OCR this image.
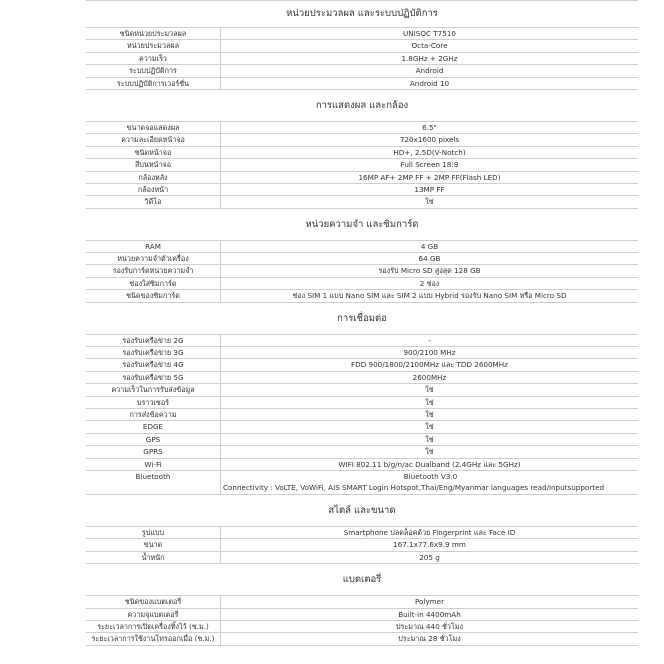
หน่วยประมวลผล และระบบปฏิบัติการ
ชนิดหน่วยประมวลผล	UNISOC T7510
หน่วยประมวลผล	Octa-Core
ความเร็ว	1.8GHz + 2GHz
ระบบปฏิบัติการ	Android
ระบบปฏิบัติการเวอร์ชั่น	Android 10
การแสดงผล และกล้อง
ขนาดจอแสดงผล	6.5"
ความละเอียดหน้าจอ	720x1600 pixels
ชนิดหน้าจอ	HD+, 2.5D(V-Notch)
สีบนหน้าจอ	Full Screen 18:9
กล้องหลัง	16MP AF+ 2MP FF + 2MP FF(Flash LED)
กล้องหน้า	13MP FF
วิดีโอ	ใช่
หน่วยความจำ และซิมการ์ด
RAM	4 GB
หน่วยความจำตัวเครื่อง	64 GB
รองรับการ์ดหน่วยความจำ	รองรับ Micro SD สูงสุด 128 GB
ช่องใส่ซิมการ์ด	2 ช่อง
ชนิดของซิมการ์ด	ช่อง SIM 1 แบบ Nano SIM และ SIM 2 แบบ Hybrid รองรับ Nano SIM หรือ Micro SD
การเชื่อมต่อ
รองรับเครือข่าย 2G	-
รองรับเครือข่าย 3G	900/2100 MHz
รองรับเครือข่าย 4G	FDD 900/1800/2100MHz และ TDD 2600MHz
รองรับเครือข่าย 5G	2600MHz
ความเร็วในการรับส่งข้อมูล	ใช่
บราวเซอร์	ใช่
การส่งข้อความ	ใช่
EDGE	ใช่
GPS	ใช่
GPRS	ใช่
Wi-Fi	WIFI 802.11 b/g/n/ac Dualband (2.4GHz และ 5GHz)
Bluetooth	Bluetooth V3.0
Connectivity : VoLTE, VoWiFi, AIS SMART Login Hotspot,Thai/Eng/Myanmar languages read/inputsupported
สไตล์ และขนาด
รูปแบบ	Smartphone ปลดล็อคด้วย Fingerprint และ Face ID
ขนาด	167.1x77.6x9.9 mm
น้ำหนัก	205 g
แบตเตอรี่
ชนิดของแบตเตอรี่	Polymer
ความจุแบตเตอรี่	Built-in 4400mAh
ระยะเวลาการเปิดเครื่องทิ้งไว้ (ช.ม.)	ประมาณ 440 ชั่วโมง
ระยะเวลาการใช้งานโทรออกเมื่อ (ช.ม.)	ประมาณ 28 ชั่วโมง
